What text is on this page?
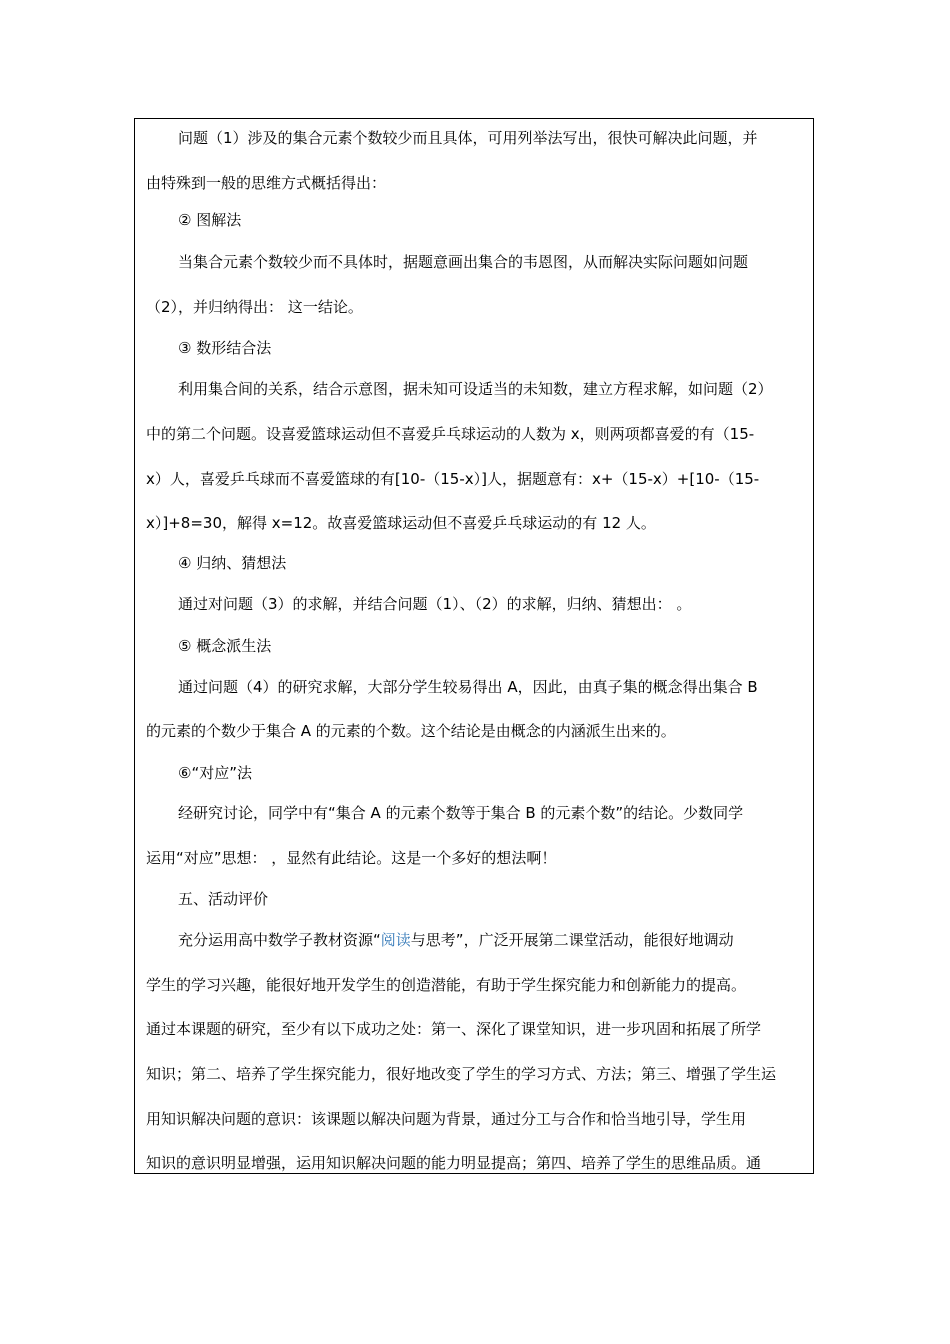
问题（1）涉及的集合元素个数较少而且具体，可用列举法写出，很快可解决此问题，并
由特殊到一般的思维方式概括得出：
② 图解法
当集合元素个数较少而不具体时，据题意画出集合的韦恩图，从而解决实际问题如问题
（2），并归纳得出： 这一结论。
③ 数形结合法
利用集合间的关系，结合示意图，据未知可设适当的未知数，建立方程求解，如问题（2）
中的第二个问题。设喜爱篮球运动但不喜爱乒乓球运动的人数为 x，则两项都喜爱的有（15-
x）人，喜爱乒乓球而不喜爱篮球的有[10-（15-x）]人，据题意有：x+（15-x）+[10-（15-
x）]+8=30，解得 x=12。故喜爱篮球运动但不喜爱乒乓球运动的有 12 人。
④ 归纳、猜想法
通过对问题（3）的求解，并结合问题（1）、（2）的求解，归纳、猜想出： 。
⑤ 概念派生法
通过问题（4）的研究求解，大部分学生较易得出 A，因此，由真子集的概念得出集合 B
的元素的个数少于集合 A 的元素的个数。这个结论是由概念的内涵派生出来的。
⑥“对应”法
经研究讨论，同学中有“集合 A 的元素个数等于集合 B 的元素个数”的结论。少数同学
运用“对应”思想： ，显然有此结论。这是一个多好的想法啊！
五、活动评价
充分运用高中数学子教材资源“阅读与思考”，广泛开展第二课堂活动，能很好地调动
学生的学习兴趣，能很好地开发学生的创造潜能，有助于学生探究能力和创新能力的提高。
通过本课题的研究，至少有以下成功之处：第一、深化了课堂知识，进一步巩固和拓展了所学
知识；第二、培养了学生探究能力，很好地改变了学生的学习方式、方法；第三、增强了学生运
用知识解决问题的意识：该课题以解决问题为背景，通过分工与合作和恰当地引导，学生用
知识的意识明显增强，运用知识解决问题的能力明显提高；第四、培养了学生的思维品质。通
